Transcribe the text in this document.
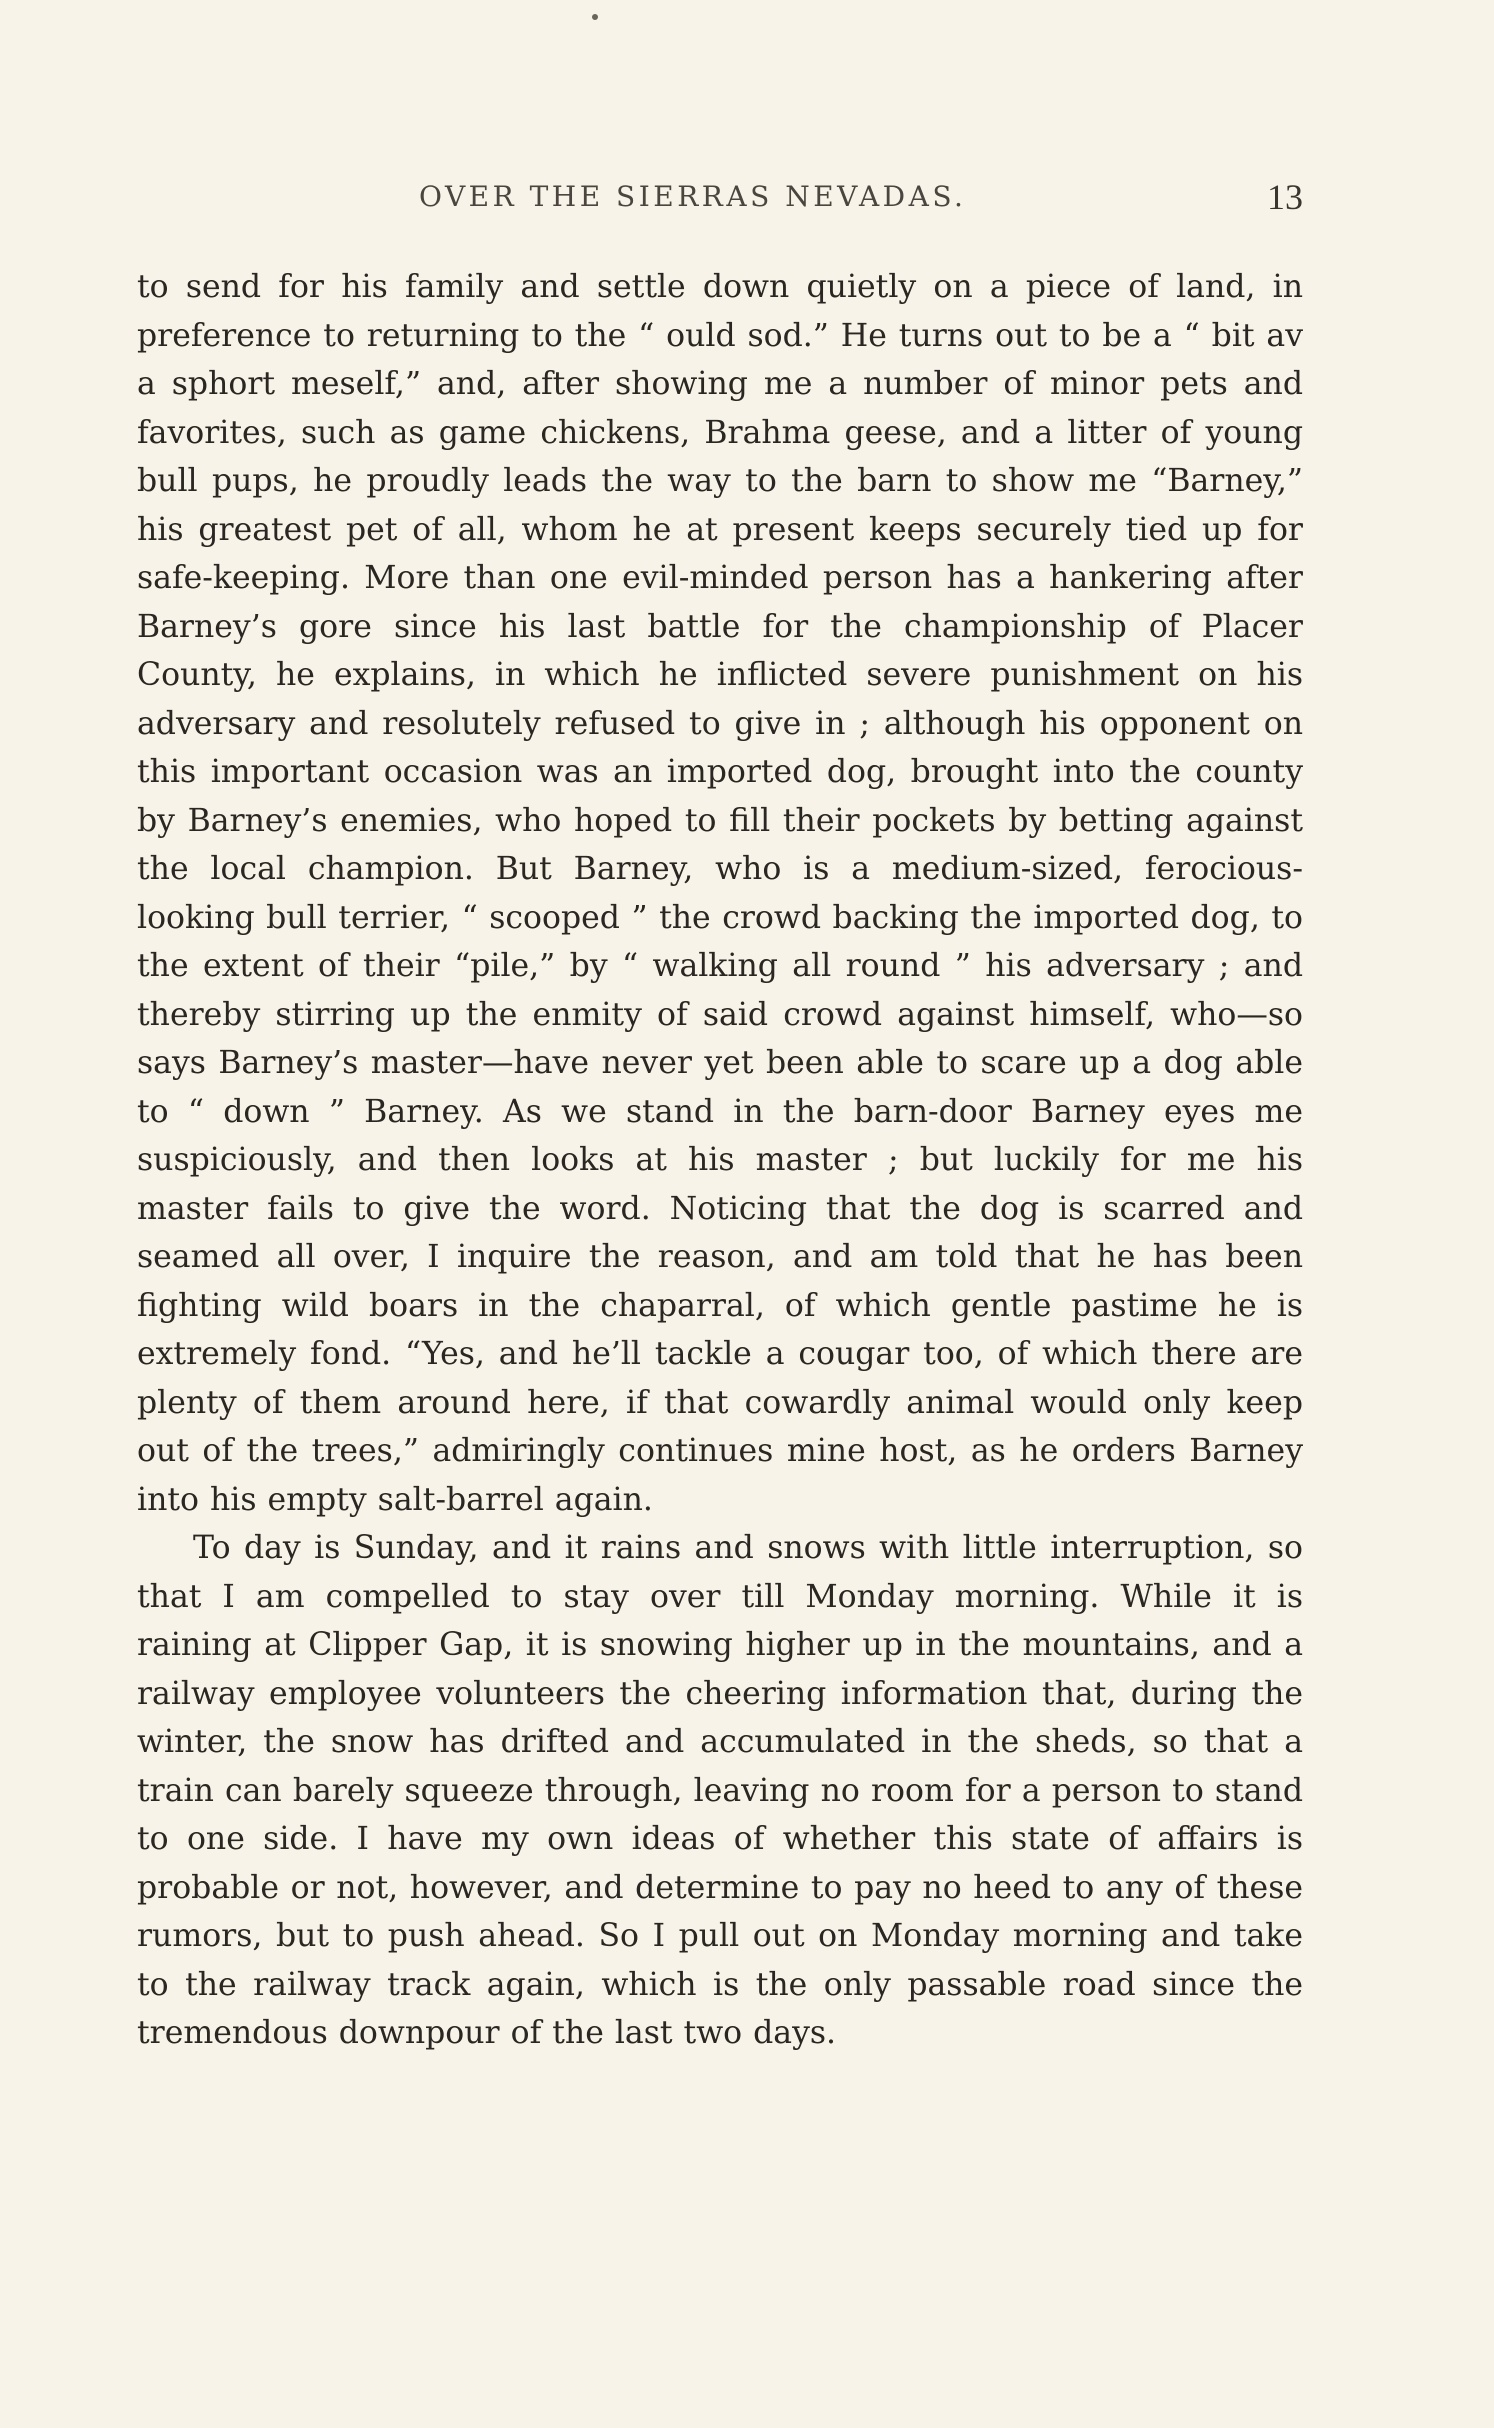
OVER THE SIERRAS NEVADAS.	13

to send for his family and settle down quietly on a piece of land, in preference to returning to the “ ould sod.” He turns out to be a “ bit av a sphort meself,” and, after showing me a number of minor pets and favorites, such as game chickens, Brahma geese, and a litter of young bull pups, he proudly leads the way to the barn to show me “Barney,” his greatest pet of all, whom he at present keeps securely tied up for safe-keeping. More than one evil-minded person has a hankering after Barney’s gore since his last battle for the championship of Placer County, he explains, in which he inflicted severe punishment on his adversary and resolutely refused to give in ; although his opponent on this important occasion was an imported dog, brought into the county by Barney’s enemies, who hoped to fill their pockets by betting against the local champion. But Barney, who is a medium-sized, ferocious-looking bull terrier, “ scooped ” the crowd backing the imported dog, to the extent of their “pile,” by “ walking all round ” his adversary ; and thereby stirring up the enmity of said crowd against himself, who—so says Barney’s master—have never yet been able to scare up a dog able to “ down ” Barney. As we stand in the barn-door Barney eyes me suspiciously, and then looks at his master ; but luckily for me his master fails to give the word. Noticing that the dog is scarred and seamed all over, I inquire the reason, and am told that he has been fighting wild boars in the chaparral, of which gentle pastime he is extremely fond. “Yes, and he’ll tackle a cougar too, of which there are plenty of them around here, if that cowardly animal would only keep out of the trees,” admiringly continues mine host, as he orders Barney into his empty salt-barrel again.

To day is Sunday, and it rains and snows with little interruption, so that I am compelled to stay over till Monday morning. While it is raining at Clipper Gap, it is snowing higher up in the mountains, and a railway employee volunteers the cheering information that, during the winter, the snow has drifted and accumulated in the sheds, so that a train can barely squeeze through, leaving no room for a person to stand to one side. I have my own ideas of whether this state of affairs is probable or not, however, and determine to pay no heed to any of these rumors, but to push ahead. So I pull out on Monday morning and take to the railway track again, which is the only passable road since the tremendous downpour of the last two days.
